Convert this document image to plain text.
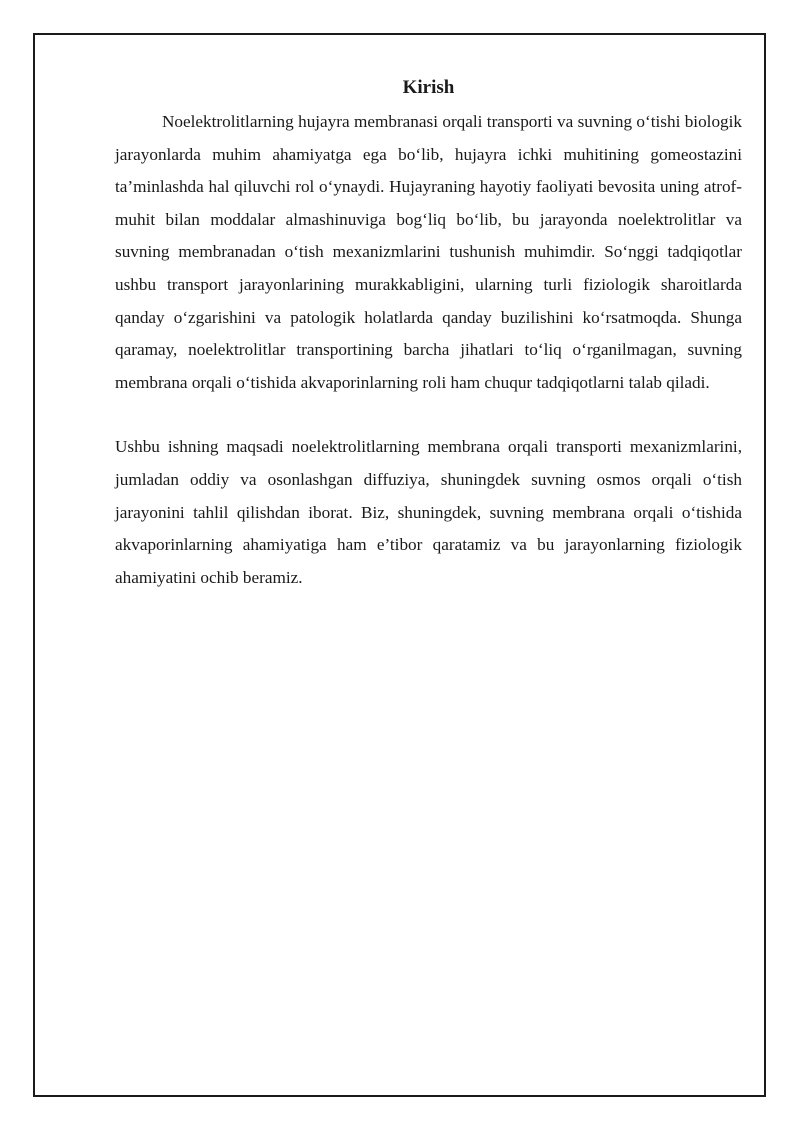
Kirish

Noelektrolitlarning hujayra membranasi orqali transporti va suvning o‘tishi biologik jarayonlarda muhim ahamiyatga ega bo‘lib, hujayra ichki muhitining gomeostazini ta’minlashda hal qiluvchi rol o‘ynaydi. Hujayraning hayotiy faoliyati bevosita uning atrof-muhit bilan moddalar almashinuviga bog‘liq bo‘lib, bu jarayonda noelektrolitlar va suvning membranadan o‘tish mexanizmlarini tushunish muhimdir. So‘nggi tadqiqotlar ushbu transport jarayonlarining murakkabligini, ularning turli fiziologik sharoitlarda qanday o‘zgarishini va patologik holatlarda qanday buzilishini ko‘rsatmoqda. Shunga qaramay, noelektrolitlar transportining barcha jihatlari to‘liq o‘rganilmagan, suvning membrana orqali o‘tishida akvaporinlarning roli ham chuqur tadqiqotlarni talab qiladi.

Ushbu ishning maqsadi noelektrolitlarning membrana orqali transporti mexanizmlarini, jumladan oddiy va osonlashgan diffuziya, shuningdek suvning osmos orqali o‘tish jarayonini tahlil qilishdan iborat. Biz, shuningdek, suvning membrana orqali o‘tishida akvaporinlarning ahamiyatiga ham e’tibor qaratamiz va bu jarayonlarning fiziologik ahamiyatini ochib beramiz.
